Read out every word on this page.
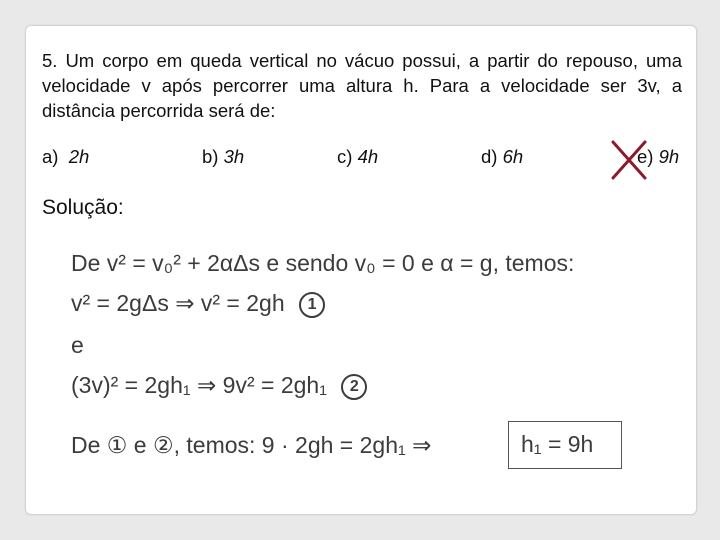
5. Um corpo em queda vertical no vácuo possui, a partir do repouso, uma velocidade v após percorrer uma altura h. Para a velocidade ser 3v, a distância percorrida será de:
a) 2h	b) 3h	c) 4h	d) 6h	e) 9h
Solução:
De v² = v₀² + 2αΔs e sendo v₀ = 0 e α = g, temos:
v² = 2gΔs ⇒ v² = 2gh 1
e
(3v)² = 2gh₁ ⇒ 9v² = 2gh₁ 2
De ① e ②, temos: 9 · 2gh = 2gh₁ ⇒	h₁ = 9h
